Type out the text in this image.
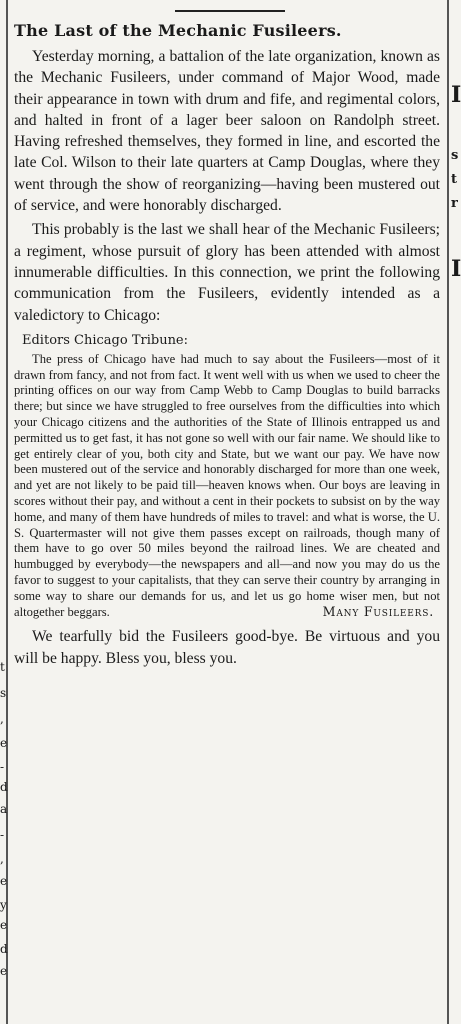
t
s
,
e
-
d
a
-
,
e
y
e
d
e
I
s
t
r
I
The Last of the Mechanic Fusileers.

Yesterday morning, a battalion of the late organization, known as the Mechanic Fusileers, under command of Major Wood, made their appearance in town with drum and fife, and regimental colors, and halted in front of a lager beer saloon on Randolph street. Having refreshed themselves, they formed in line, and escorted the late Col. Wilson to their late quarters at Camp Douglas, where they went through the show of reorganizing—having been mustered out of service, and were honorably discharged.

This probably is the last we shall hear of the Mechanic Fusileers; a regiment, whose pursuit of glory has been attended with almost innumerable difficulties. In this connection, we print the following communication from the Fusileers, evidently intended as a valedictory to Chicago:

Editors Chicago Tribune:

The press of Chicago have had much to say about the Fusileers—most of it drawn from fancy, and not from fact. It went well with us when we used to cheer the printing offices on our way from Camp Webb to Camp Douglas to build barracks there; but since we have struggled to free ourselves from the difficulties into which your Chicago citizens and the authorities of the State of Illinois entrapped us and permitted us to get fast, it has not gone so well with our fair name. We should like to get entirely clear of you, both city and State, but we want our pay. We have now been mustered out of the service and honorably discharged for more than one week, and yet are not likely to be paid till—heaven knows when. Our boys are leaving in scores without their pay, and without a cent in their pockets to subsist on by the way home, and many of them have hundreds of miles to travel: and what is worse, the U. S. Quartermaster will not give them passes except on railroads, though many of them have to go over 50 miles beyond the railroad lines. We are cheated and humbugged by everybody—the newspapers and all—and now you may do us the favor to suggest to your capitalists, that they can serve their country by arranging in some way to share our demands for us, and let us go home wiser men, but not altogether beggars.	Many Fusileers.

We tearfully bid the Fusileers good-bye. Be virtuous and you will be happy. Bless you, bless you.
